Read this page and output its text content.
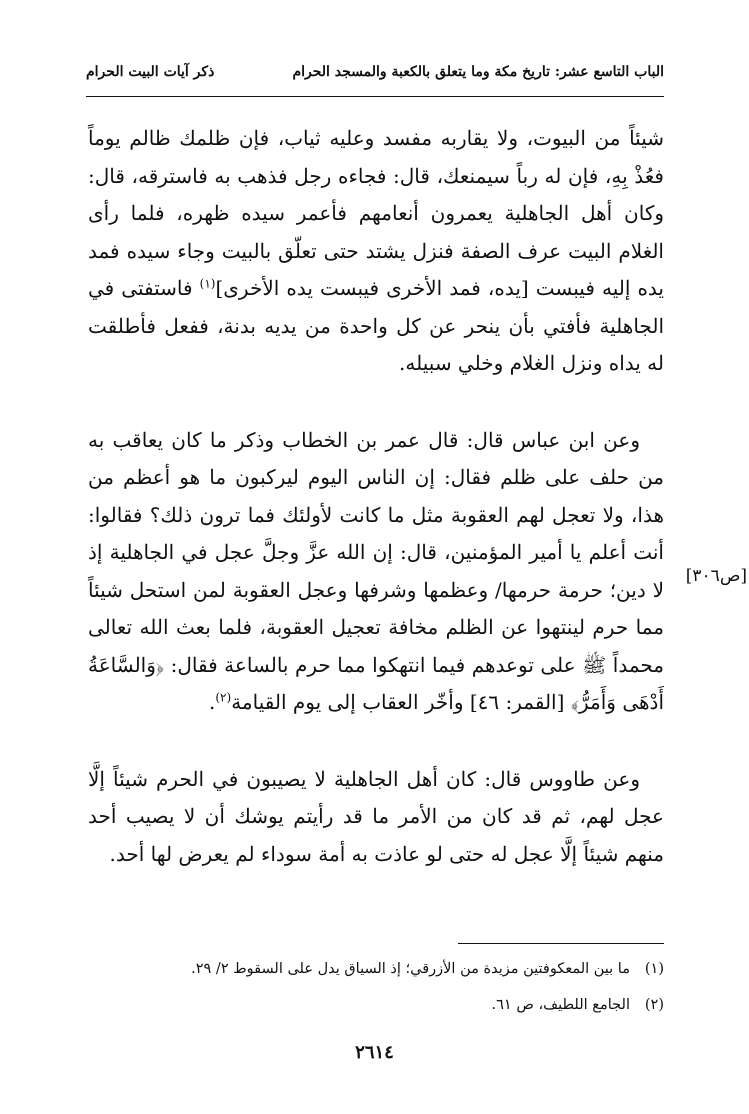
الباب التاسع عشر: تاريخ مكة وما يتعلق بالكعبة والمسجد الحرام
ذكر آيات البيت الحرام

شيئاً من البيوت، ولا يقاربه مفسد وعليه ثياب، فإن ظلمك ظالم يوماً فعُذْ بِهِ، فإن له رباً سيمنعك، قال: فجاءه رجل فذهب به فاسترقه، قال: وكان أهل الجاهلية يعمرون أنعامهم فأعمر سيده ظهره، فلما رأى الغلام البيت عرف الصفة فنزل يشتد حتى تعلّق بالبيت وجاء سيده فمد يده إليه فيبست [يده، فمد الأخرى فيبست يده الأخرى]$^{(١)}$ فاستفتى في الجاهلية فأفتي بأن ينحر عن كل واحدة من يديه بدنة، ففعل فأطلقت له يداه ونزل الغلام وخلي سبيله.

وعن ابن عباس قال: قال عمر بن الخطاب وذكر ما كان يعاقب به من حلف على ظلم فقال: إن الناس اليوم ليركبون ما هو أعظم من هذا، ولا تعجل لهم العقوبة مثل ما كانت لأولئك فما ترون ذلك؟ فقالوا: أنت أعلم يا أمير المؤمنين، قال: إن الله عزَّ وجلَّ عجل في الجاهلية إذ لا دين؛ حرمة حرمها/ وعظمها وشرفها وعجل العقوبة لمن استحل شيئاً مما حرم لينتهوا عن الظلم مخافة تعجيل العقوبة، فلما بعث الله تعالى محمداً ﷺ على توعدهم فيما انتهكوا مما حرم بالساعة فقال: ﴿وَالسَّاعَةُ أَدْهَى وَأَمَرُّ﴾ [القمر: ٤٦] وأخّر العقاب إلى يوم القيامة$^{(٢)}$.

وعن طاووس قال: كان أهل الجاهلية لا يصيبون في الحرم شيئاً إلَّا عجل لهم، ثم قد كان من الأمر ما قد رأيتم يوشك أن لا يصيب أحد منهم شيئاً إلَّا عجل له حتى لو عاذت به أمة سوداء لم يعرض لها أحد.

[ص٣٠٦]
(١)ما بين المعكوفتين مزيدة من الأزرقي؛ إذ السياق يدل على السقوط ٢/ ٢٩.
(٢)الجامع اللطيف، ص ٦١.
٢٦١٤
